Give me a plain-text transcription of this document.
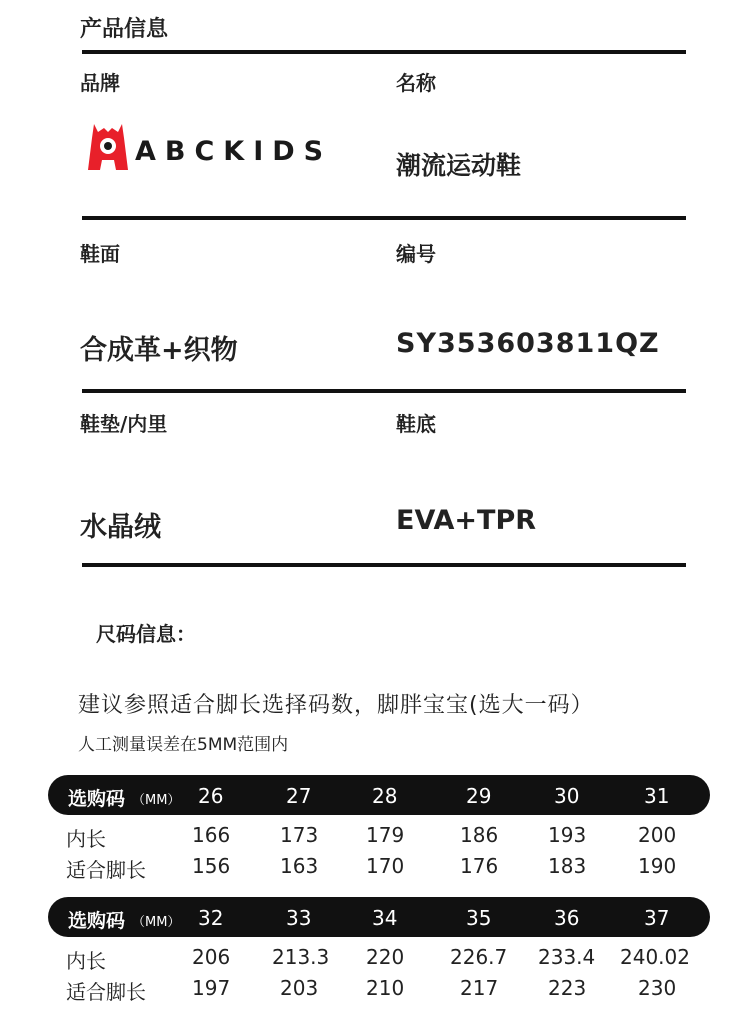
产品信息
品牌	名称
ABCKIDS	潮流运动鞋
鞋面	编号
合成革+织物	SY353603811QZ
鞋垫/内里	鞋底
水晶绒	EVA+TPR
尺码信息：
建议参照适合脚长选择码数，脚胖宝宝(选大一码）
人工测量误差在5MM范围内
选购码 （MM） 26	27	28	29	30	31
内长	166 173 179	186 193	200
适合脚长 156 163 170	176 183	190
选购码 （MM） 32	33	34	35	36	37
内长	206 213.3 220 226.7 233.4 240.02
适合脚长 197 203 210	217 223	230
